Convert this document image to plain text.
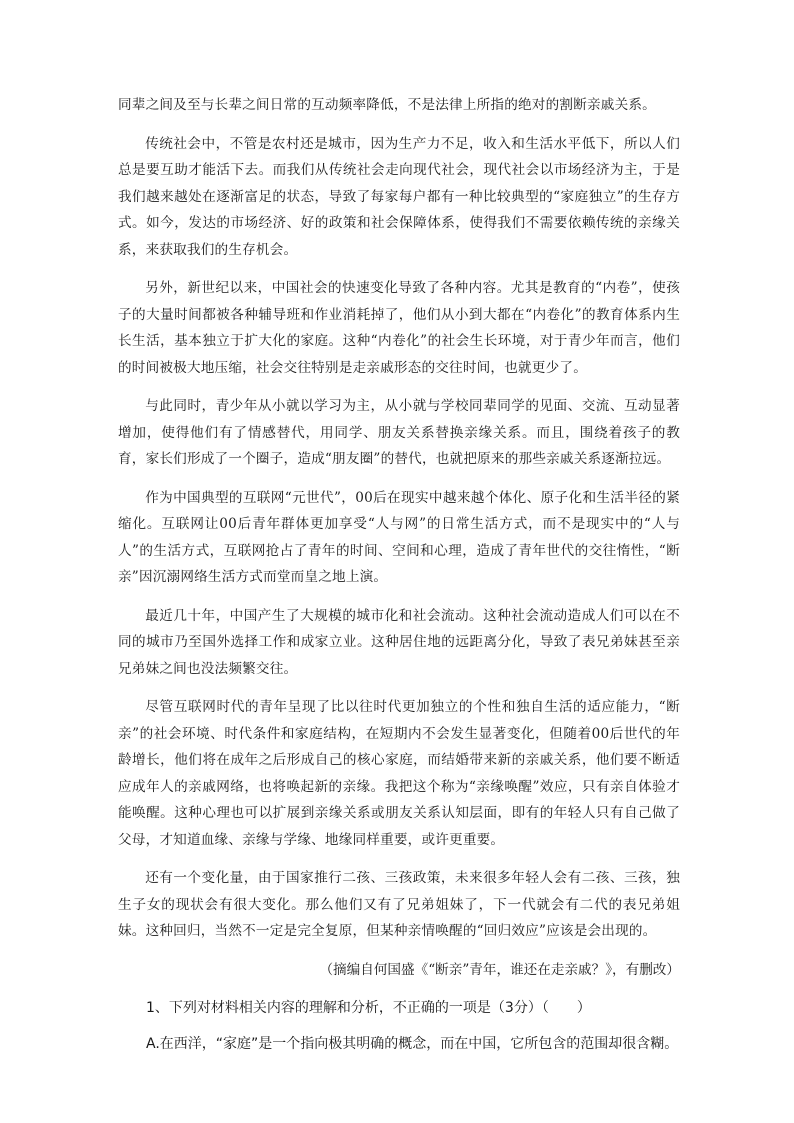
同辈之间及至与长辈之间日常的互动频率降低，不是法律上所指的绝对的割断亲戚关系。

传统社会中，不管是农村还是城市，因为生产力不足，收入和生活水平低下，所以人们总是要互助才能活下去。而我们从传统社会走向现代社会，现代社会以市场经济为主，于是我们越来越处在逐渐富足的状态，导致了每家每户都有一种比较典型的“家庭独立”的生存方式。如今，发达的市场经济、好的政策和社会保障体系，使得我们不需要依赖传统的亲缘关系，来获取我们的生存机会。

另外，新世纪以来，中国社会的快速变化导致了各种内容。尤其是教育的“内卷”，使孩子的大量时间都被各种辅导班和作业消耗掉了，他们从小到大都在“内卷化”的教育体系内生长生活，基本独立于扩大化的家庭。这种“内卷化”的社会生长环境，对于青少年而言，他们的时间被极大地压缩，社会交往特别是走亲戚形态的交往时间，也就更少了。

与此同时，青少年从小就以学习为主，从小就与学校同辈同学的见面、交流、互动显著增加，使得他们有了情感替代，用同学、朋友关系替换亲缘关系。而且，围绕着孩子的教育，家长们形成了一个圈子，造成“朋友圈”的替代，也就把原来的那些亲戚关系逐渐拉远。

作为中国典型的互联网“元世代”，00后在现实中越来越个体化、原子化和生活半径的紧缩化。互联网让00后青年群体更加享受“人与网”的日常生活方式，而不是现实中的“人与人”的生活方式，互联网抢占了青年的时间、空间和心理，造成了青年世代的交往惰性，“断亲”因沉溺网络生活方式而堂而皇之地上演。

最近几十年，中国产生了大规模的城市化和社会流动。这种社会流动造成人们可以在不同的城市乃至国外选择工作和成家立业。这种居住地的远距离分化，导致了表兄弟妹甚至亲兄弟妹之间也没法频繁交往。

尽管互联网时代的青年呈现了比以往时代更加独立的个性和独自生活的适应能力，“断亲”的社会环境、时代条件和家庭结构，在短期内不会发生显著变化，但随着00后世代的年龄增长，他们将在成年之后形成自己的核心家庭，而结婚带来新的亲戚关系，他们要不断适应成年人的亲戚网络，也将唤起新的亲缘。我把这个称为“亲缘唤醒”效应，只有亲自体验才能唤醒。这种心理也可以扩展到亲缘关系或朋友关系认知层面，即有的年轻人只有自己做了父母，才知道血缘、亲缘与学缘、地缘同样重要，或许更重要。

还有一个变化量，由于国家推行二孩、三孩政策，未来很多年轻人会有二孩、三孩，独生子女的现状会有很大变化。那么他们又有了兄弟姐妹了，下一代就会有二代的表兄弟姐妹。这种回归，当然不一定是完全复原，但某种亲情唤醒的“回归效应”应该是会出现的。

（摘编自何国盛《“断亲”青年，谁还在走亲戚？》，有删改）

1、下列对材料相关内容的理解和分析，不正确的一项是（3分）（　　）

A.在西洋，“家庭”是一个指向极其明确的概念，而在中国，它所包含的范围却很含糊。
